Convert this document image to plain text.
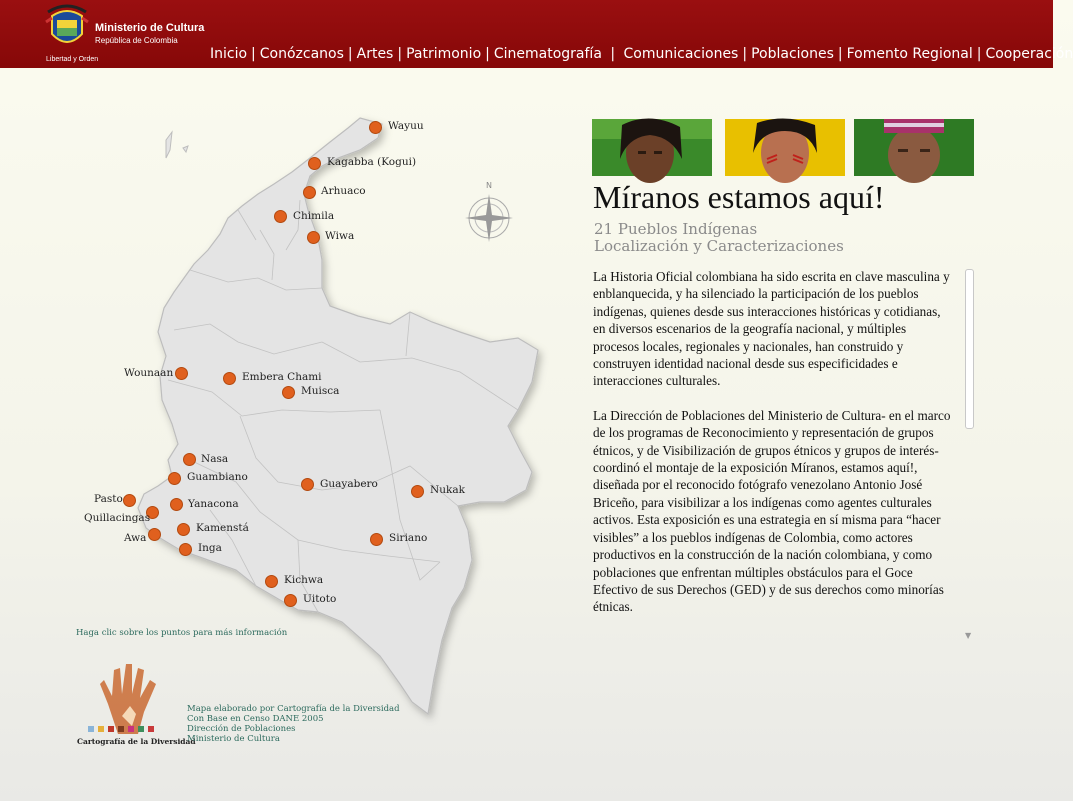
Libertad y Orden
Ministerio de Cultura
República de Colombia
Inicio | Conózcanos | Artes | Patrimonio | Cinematografía | Comunicaciones | Poblaciones | Fomento Regional | Cooperación
N
Wayuu
Kagabba (Kogui)
Arhuaco
Chimila
Wiwa
Wounaan	Embera Chami
Muisca
Nasa
Guambiano
Pasto	Yanacona
Quillacingas
Kamenstá
Awa
Inga
Guayabero	Nukak
Siriano
Kichwa
Uitoto
Haga clic sobre los puntos para más información
Cartografía de la Diversidad
Mapa elaborado por Cartografía de la Diversidad
Con Base en Censo DANE 2005
Dirección de Poblaciones
Ministerio de Cultura
Míranos estamos aquí!
21 Pueblos Indígenas
Localización y Caracterizaciones

La Historia Oficial colombiana ha sido escrita en clave masculina y enblanquecida, y ha silenciado la participación de los pueblos indígenas, quienes desde sus interacciones históricas y cotidianas, en diversos escenarios de la geografía nacional, y múltiples procesos locales, regionales y nacionales, han construido y construyen identidad nacional desde sus especificidades e interacciones culturales.

La Dirección de Poblaciones del Ministerio de Cultura- en el marco de los programas de Reconocimiento y representación de grupos étnicos, y de Visibilización de grupos étnicos y grupos de interés- coordinó el montaje de la exposición Míranos, estamos aquí!, diseñada por el reconocido fotógrafo venezolano Antonio José Briceño, para visibilizar a los indígenas como agentes culturales activos. Esta exposición es una estrategia en sí misma para “hacer visibles” a los pueblos indígenas de Colombia, como actores productivos en la construcción de la nación colombiana, y como poblaciones que enfrentan múltiples obstáculos para el Goce Efectivo de sus Derechos (GED) y de sus derechos como minorías étnicas.

▼
